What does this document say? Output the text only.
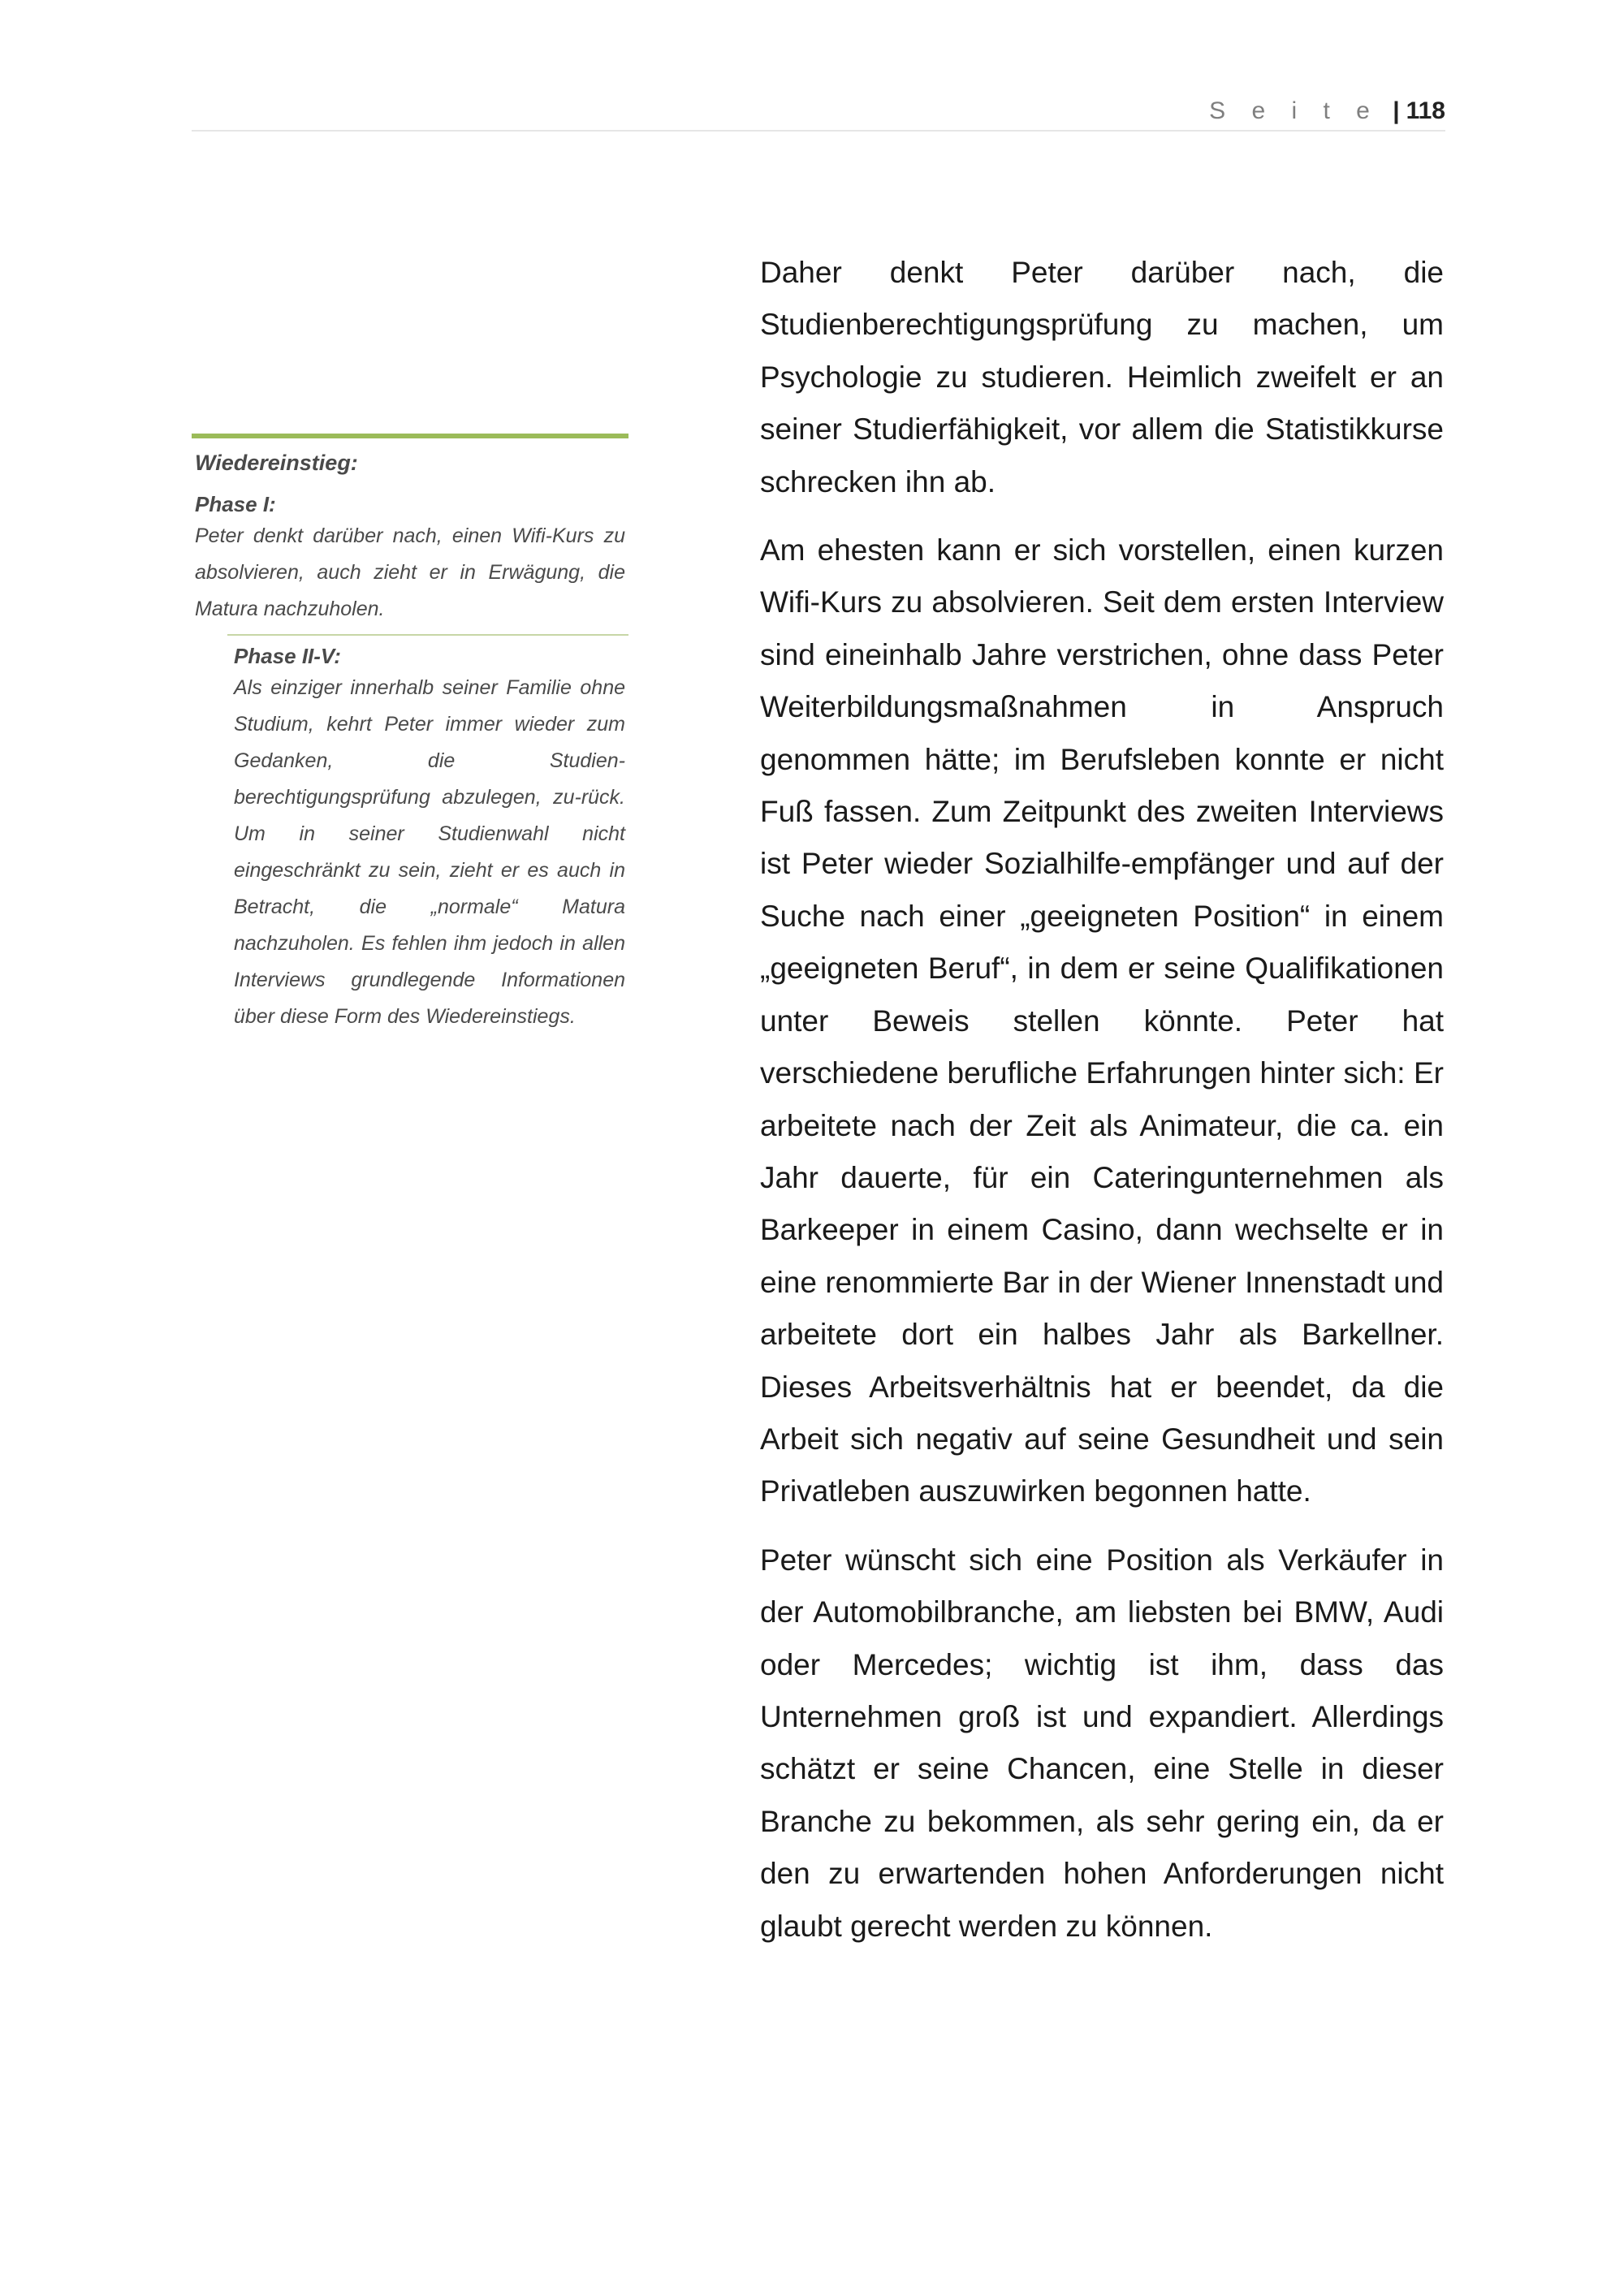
S e i t e | 118
Wiedereinstieg:
Phase I:
Peter denkt darüber nach, einen Wifi-Kurs zu absolvieren, auch zieht er in Erwägung, die Matura nachzuholen.
Phase II-V:
Als einziger innerhalb seiner Familie ohne Studium, kehrt Peter immer wieder zum Gedanken, die Studien-berechtigungsprüfung abzulegen, zu-rück. Um in seiner Studienwahl nicht eingeschränkt zu sein, zieht er es auch in Betracht, die „normale“ Matura nachzuholen. Es fehlen ihm jedoch in allen Interviews grundlegende Informationen über diese Form des Wiedereinstiegs.

Daher denkt Peter darüber nach, die Studienberechtigungsprüfung zu machen, um Psychologie zu studieren. Heimlich zweifelt er an seiner Studierfähigkeit, vor allem die Statistikkurse schrecken ihn ab.

Am ehesten kann er sich vorstellen, einen kurzen Wifi-Kurs zu absolvieren. Seit dem ersten Interview sind eineinhalb Jahre verstrichen, ohne dass Peter Weiterbildungsmaßnahmen in Anspruch genommen hätte; im Berufsleben konnte er nicht Fuß fassen. Zum Zeitpunkt des zweiten Interviews ist Peter wieder Sozialhilfe-empfänger und auf der Suche nach einer „geeigneten Position“ in einem „geeigneten Beruf“, in dem er seine Qualifikationen unter Beweis stellen könnte. Peter hat verschiedene berufliche Erfahrungen hinter sich: Er arbeitete nach der Zeit als Animateur, die ca. ein Jahr dauerte, für ein Cateringunternehmen als Barkeeper in einem Casino, dann wechselte er in eine renommierte Bar in der Wiener Innenstadt und arbeitete dort ein halbes Jahr als Barkellner. Dieses Arbeitsverhältnis hat er beendet, da die Arbeit sich negativ auf seine Gesundheit und sein Privatleben auszuwirken begonnen hatte.

Peter wünscht sich eine Position als Verkäufer in der Automobilbranche, am liebsten bei BMW, Audi oder Mercedes; wichtig ist ihm, dass das Unternehmen groß ist und expandiert. Allerdings schätzt er seine Chancen, eine Stelle in dieser Branche zu bekommen, als sehr gering ein, da er den zu erwartenden hohen Anforderungen nicht glaubt gerecht werden zu können.
